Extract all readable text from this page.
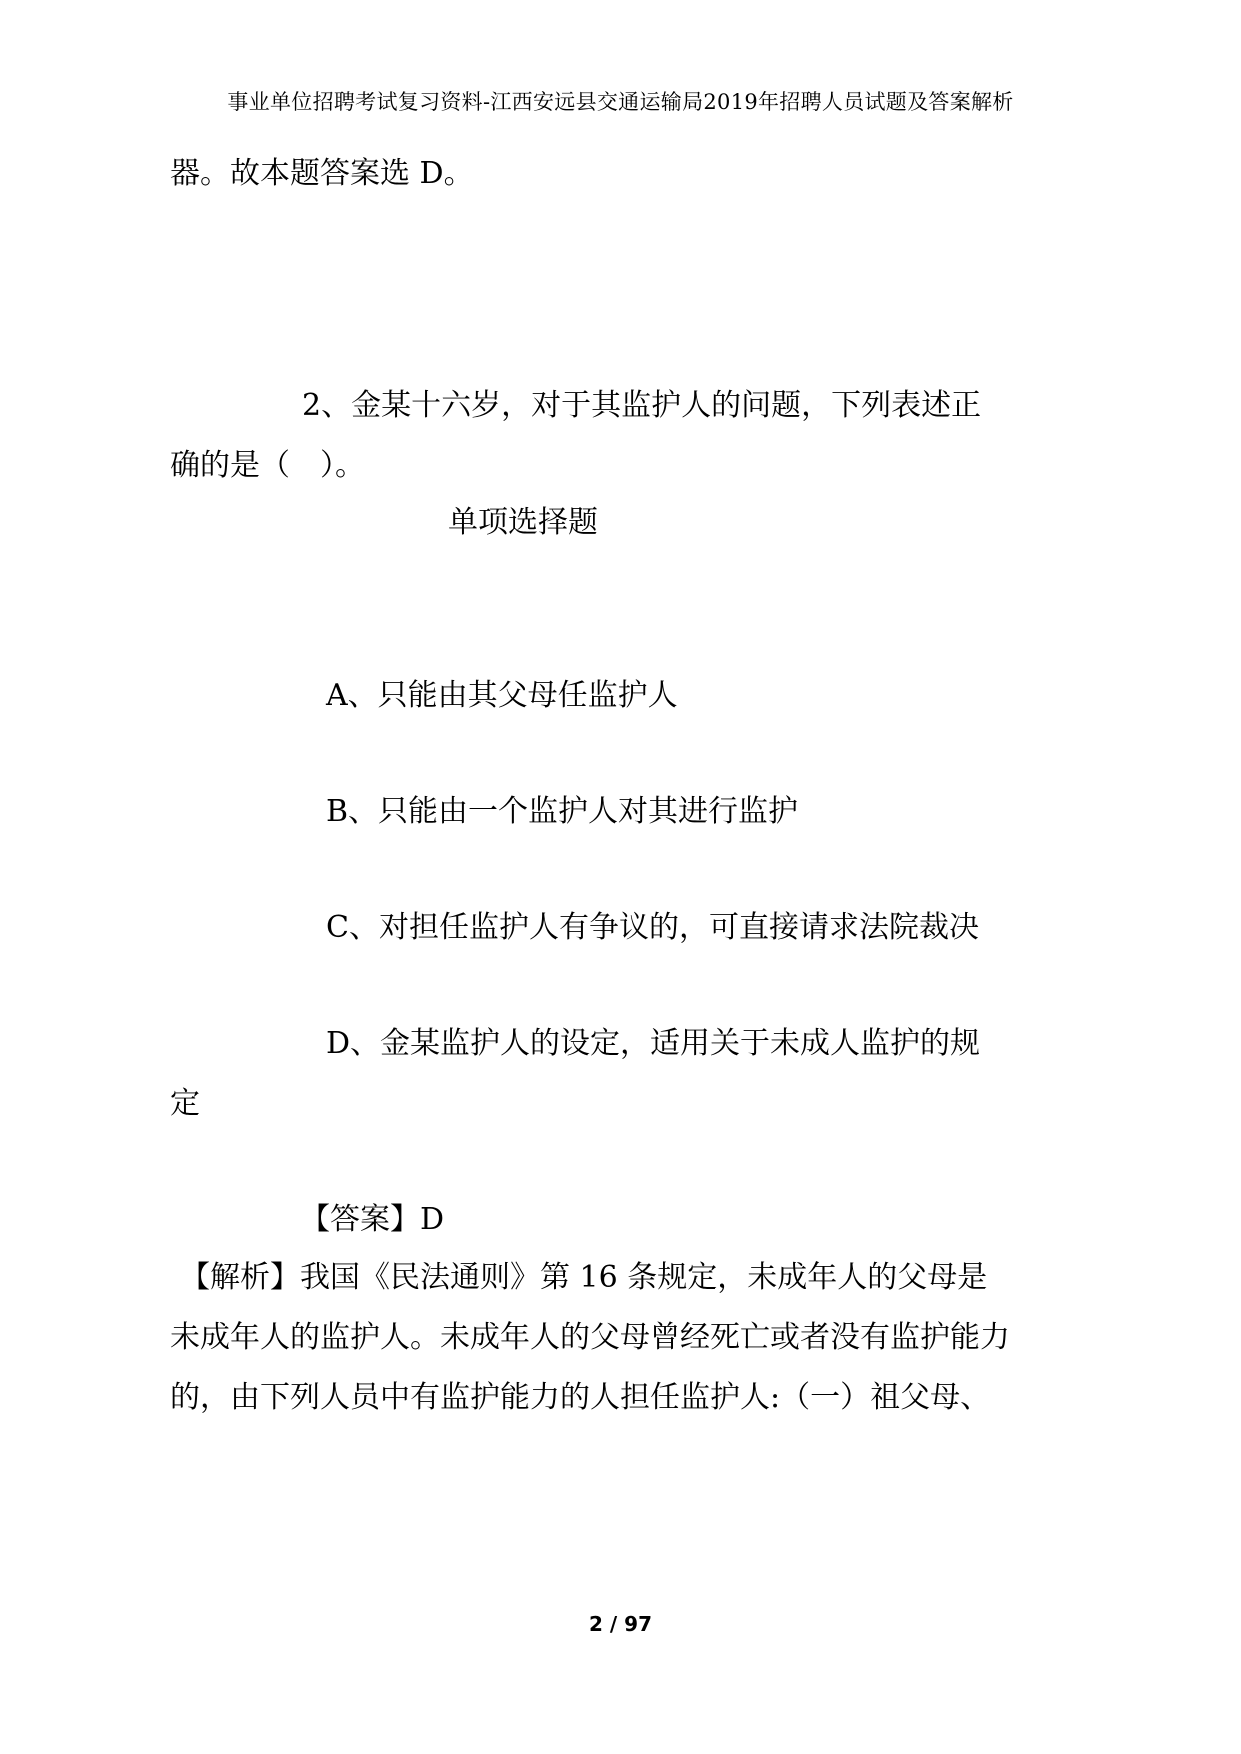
事业单位招聘考试复习资料-江西安远县交通运输局2019年招聘人员试题及答案解析
器。故本题答案选 D。
2、金某十六岁，对于其监护人的问题，下列表述正
确的是（　）。
单项选择题
A、只能由其父母任监护人
B、只能由一个监护人对其进行监护
C、对担任监护人有争议的，可直接请求法院裁决
D、金某监护人的设定，适用关于未成人监护的规
定
【答案】D
【解析】我国《民法通则》第 16 条规定，未成年人的父母是
未成年人的监护人。未成年人的父母曾经死亡或者没有监护能力
的，由下列人员中有监护能力的人担任监护人:（一）祖父母、
2 / 97
